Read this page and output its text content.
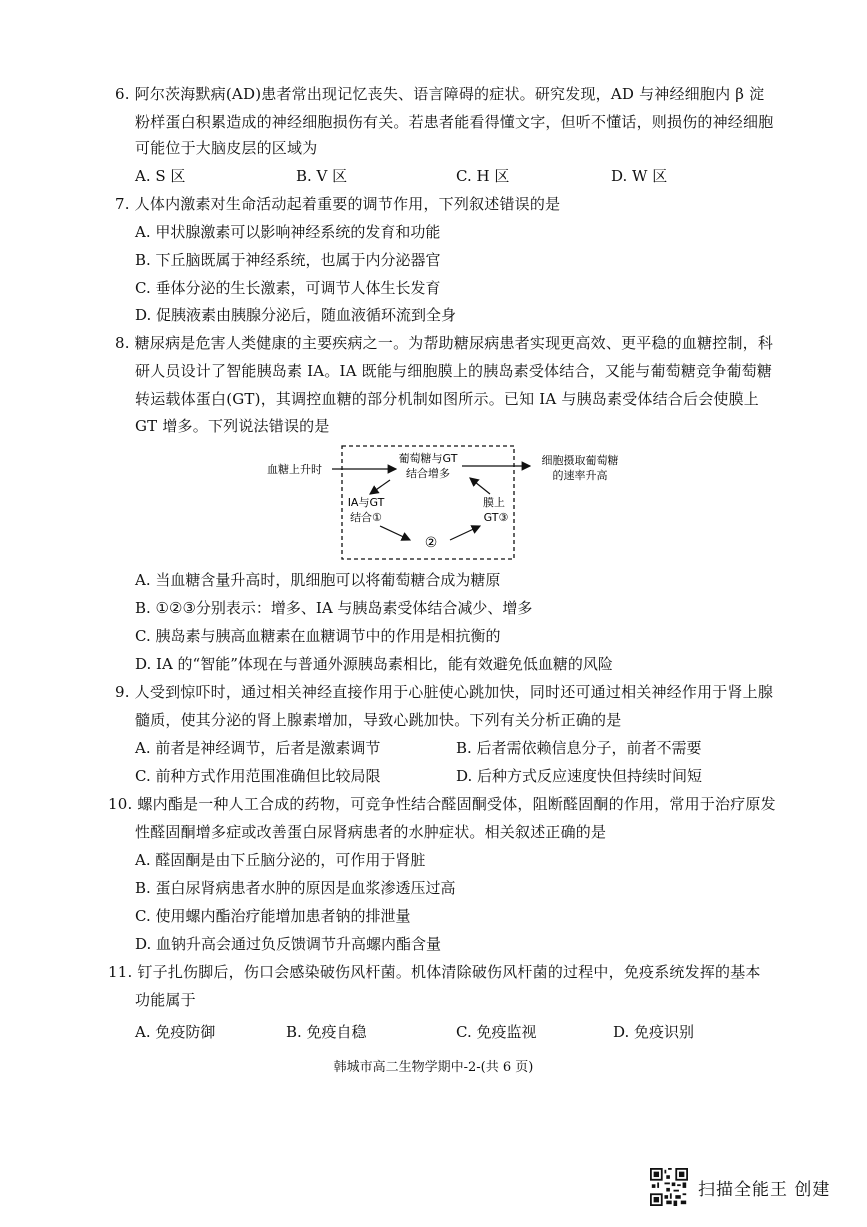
6. 阿尔茨海默病(AD)患者常出现记忆丧失、语言障碍的症状。研究发现，AD 与神经细胞内 β 淀
粉样蛋白积累造成的神经细胞损伤有关。若患者能看得懂文字，但听不懂话，则损伤的神经细胞
可能位于大脑皮层的区域为
A. S 区	B. V 区	C. H 区	D. W 区
7. 人体内激素对生命活动起着重要的调节作用，下列叙述错误的是
A. 甲状腺激素可以影响神经系统的发育和功能
B. 下丘脑既属于神经系统，也属于内分泌器官
C. 垂体分泌的生长激素，可调节人体生长发育
D. 促胰液素由胰腺分泌后，随血液循环流到全身
8. 糖尿病是危害人类健康的主要疾病之一。为帮助糖尿病患者实现更高效、更平稳的血糖控制，科
研人员设计了智能胰岛素 IA。IA 既能与细胞膜上的胰岛素受体结合，又能与葡萄糖竞争葡萄糖
转运载体蛋白(GT)，其调控血糖的部分机制如图所示。已知 IA 与胰岛素受体结合后会使膜上
GT 增多。下列说法错误的是
血糖上升时
葡萄糖与GT
结合增多
细胞摄取葡萄糖
的速率升高
IA与GT
结合①
②
膜上
GT③
A. 当血糖含量升高时，肌细胞可以将葡萄糖合成为糖原
B. ①②③分别表示：增多、IA 与胰岛素受体结合减少、增多
C. 胰岛素与胰高血糖素在血糖调节中的作用是相抗衡的
D. IA 的“智能”体现在与普通外源胰岛素相比，能有效避免低血糖的风险
9. 人受到惊吓时，通过相关神经直接作用于心脏使心跳加快，同时还可通过相关神经作用于肾上腺
髓质，使其分泌的肾上腺素增加，导致心跳加快。下列有关分析正确的是
A. 前者是神经调节，后者是激素调节	B. 后者需依赖信息分子，前者不需要
C. 前种方式作用范围准确但比较局限	D. 后种方式反应速度快但持续时间短
10. 螺内酯是一种人工合成的药物，可竞争性结合醛固酮受体，阻断醛固酮的作用，常用于治疗原发
性醛固酮增多症或改善蛋白尿肾病患者的水肿症状。相关叙述正确的是
A. 醛固酮是由下丘脑分泌的，可作用于肾脏
B. 蛋白尿肾病患者水肿的原因是血浆渗透压过高
C. 使用螺内酯治疗能增加患者钠的排泄量
D. 血钠升高会通过负反馈调节升高螺内酯含量
11. 钉子扎伤脚后，伤口会感染破伤风杆菌。机体清除破伤风杆菌的过程中，免疫系统发挥的基本
功能属于
A. 免疫防御	B. 免疫自稳	C. 免疫监视	D. 免疫识别
韩城市高二生物学期中-2-(共 6 页)
扫描全能王 创建
